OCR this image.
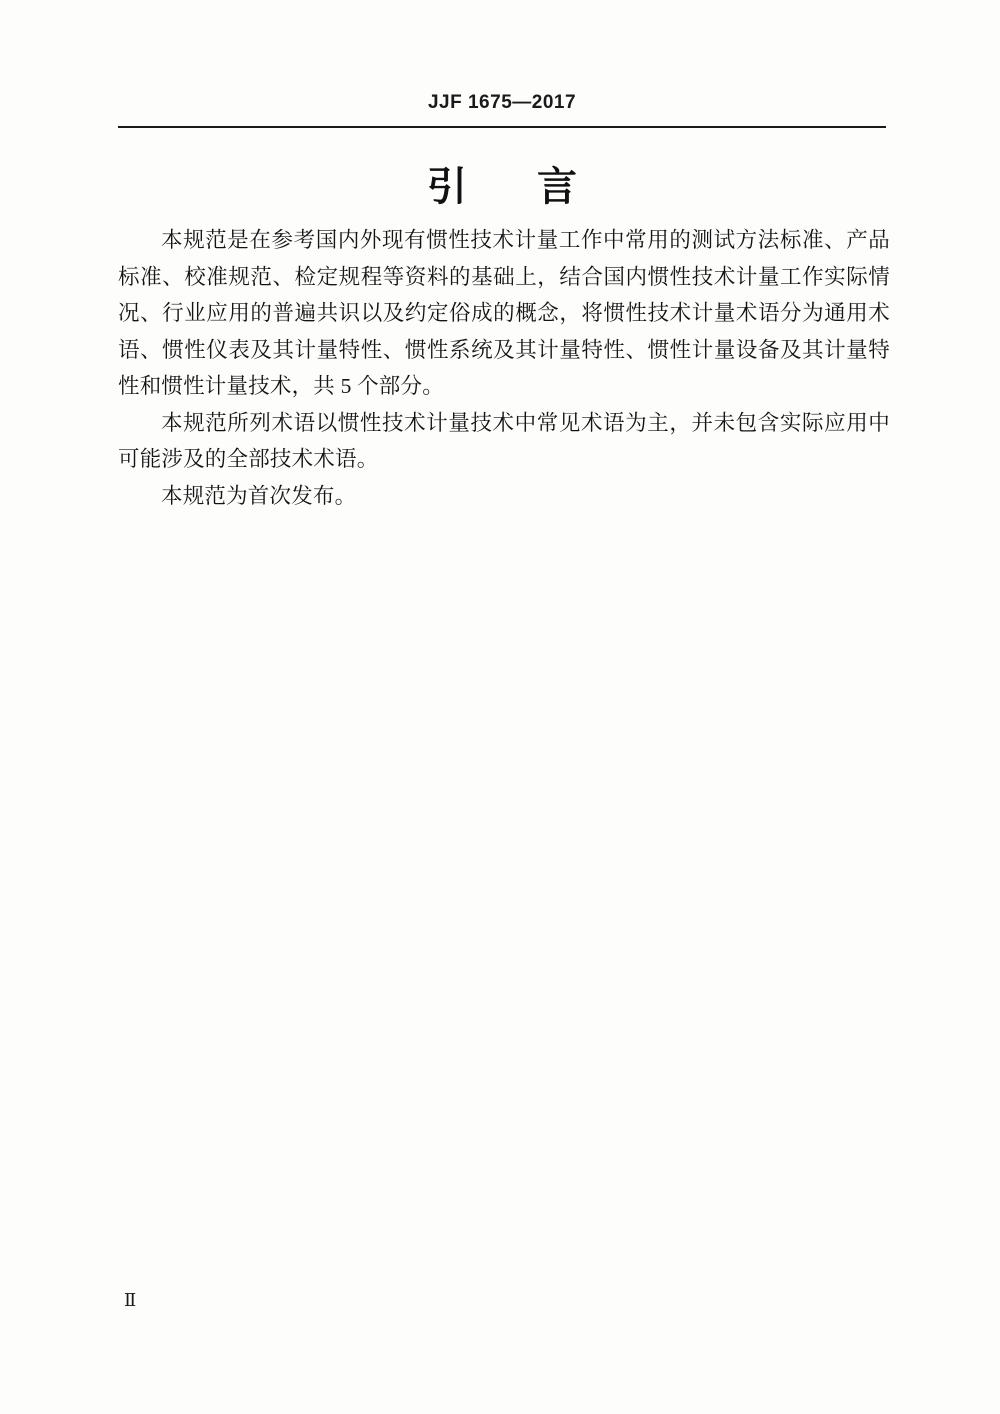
JJF 1675—2017
引 言

本规范是在参考国内外现有惯性技术计量工作中常用的测试方法标准、产品标准、校准规范、检定规程等资料的基础上，结合国内惯性技术计量工作实际情况、行业应用的普遍共识以及约定俗成的概念，将惯性技术计量术语分为通用术语、惯性仪表及其计量特性、惯性系统及其计量特性、惯性计量设备及其计量特性和惯性计量技术，共 5 个部分。

本规范所列术语以惯性技术计量技术中常见术语为主，并未包含实际应用中可能涉及的全部技术术语。

本规范为首次发布。

Ⅱ
